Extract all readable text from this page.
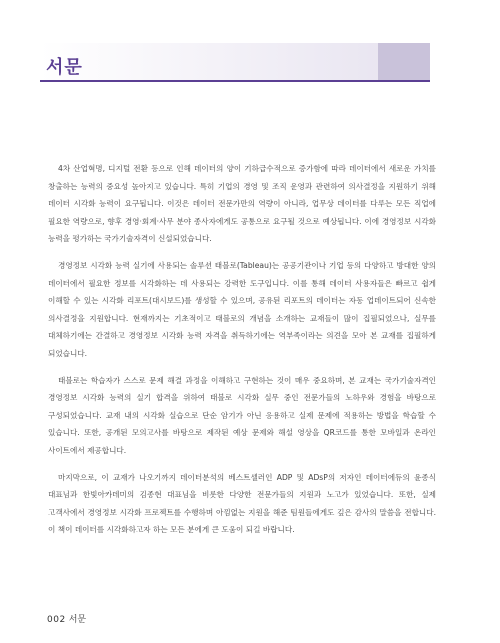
서문

4차 산업혁명, 디지털 전환 등으로 인해 데이터의 양이 기하급수적으로 증가함에 따라 데이터에서 새로운 가치를 창출하는 능력의 중요성 높아지고 있습니다. 특히 기업의 경영 및 조직 운영과 관련하여 의사결정을 지원하기 위해 데이터 시각화 능력이 요구됩니다. 이것은 데이터 전문가만의 역량이 아니라, 업무상 데이터를 다루는 모든 직업에 필요한 역량으로, 향후 경영·회계·사무 분야 종사자에게도 공통으로 요구될 것으로 예상됩니다. 이에 경영정보 시각화 능력을 평가하는 국가기술자격이 신설되었습니다.

경영정보 시각화 능력 실기에 사용되는 솔루션 태블로(Tableau)는 공공기관이나 기업 등의 다양하고 방대한 양의 데이터에서 필요한 정보를 시각화하는 데 사용되는 강력한 도구입니다. 이를 통해 데이터 사용자들은 빠르고 쉽게 이해할 수 있는 시각화 리포트(대시보드)를 생성할 수 있으며, 공유된 리포트의 데이터는 자동 업데이트되어 신속한 의사결정을 지원합니다. 현재까지는 기초적이고 태블로의 개념을 소개하는 교재들이 많이 집필되었으나, 실무를 대체하기에는 간결하고 경영정보 시각화 능력 자격을 취득하기에는 역부족이라는 의견을 모아 본 교재를 집필하게 되었습니다.

태블로는 학습자가 스스로 문제 해결 과정을 이해하고 구현하는 것이 매우 중요하며, 본 교재는 국가기술자격인 경영정보 시각화 능력의 실기 합격을 위하여 태블로 시각화 실무 중인 전문가들의 노하우와 경험을 바탕으로 구성되었습니다. 교재 내의 시각화 실습으로 단순 암기가 아닌 응용하고 실제 문제에 적용하는 방법을 학습할 수 있습니다. 또한, 공개된 모의고사를 바탕으로 제작된 예상 문제와 해설 영상을 QR코드를 통한 모바일과 온라인 사이트에서 제공합니다.

마지막으로, 이 교재가 나오기까지 데이터분석의 베스트셀러인 ADP 및 ADsP의 저자인 데이터에듀의 윤종식 대표님과 한빛아카데미의 김종현 대표님을 비롯한 다양한 전문가들의 지원과 노고가 있었습니다. 또한, 실제 고객사에서 경영정보 시각화 프로젝트를 수행하며 아낌없는 지원을 해준 팀원들에게도 깊은 감사의 말씀을 전합니다. 이 책이 데이터를 시각화하고자 하는 모든 분에게 큰 도움이 되길 바랍니다.

002 서문
